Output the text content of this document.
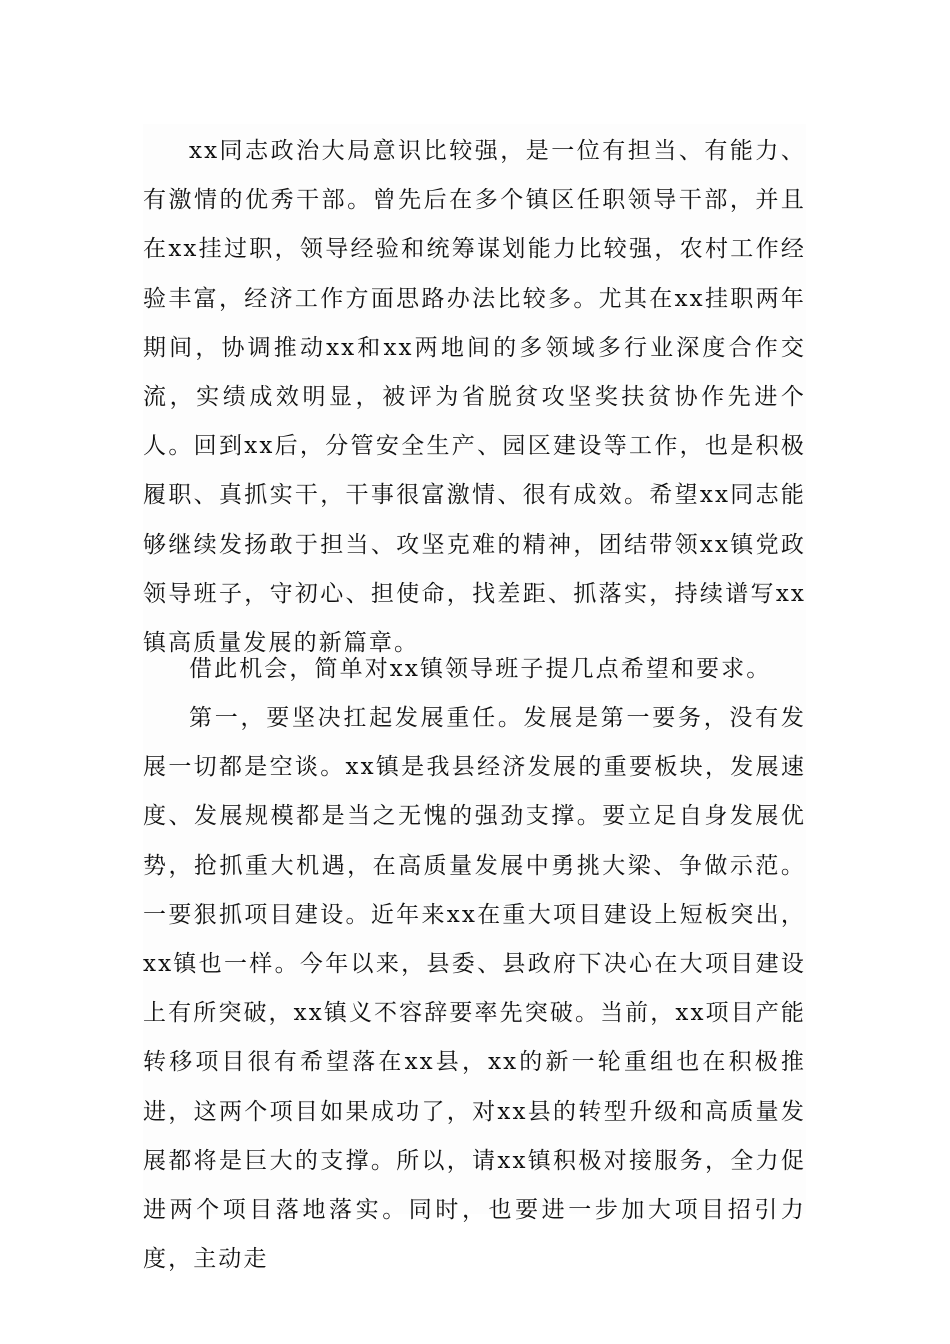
xx同志政治大局意识比较强，是一位有担当、有能力、有激情的优秀干部。曾先后在多个镇区任职领导干部，并且在xx挂过职，领导经验和统筹谋划能力比较强，农村工作经验丰富，经济工作方面思路办法比较多。尤其在xx挂职两年期间，协调推动xx和xx两地间的多领域多行业深度合作交流，实绩成效明显，被评为省脱贫攻坚奖扶贫协作先进个人。回到xx后，分管安全生产、园区建设等工作，也是积极履职、真抓实干，干事很富激情、很有成效。希望xx同志能够继续发扬敢于担当、攻坚克难的精神，团结带领xx镇党政领导班子，守初心、担使命，找差距、抓落实，持续谱写xx镇高质量发展的新篇章。

借此机会，简单对xx镇领导班子提几点希望和要求。

第一，要坚决扛起发展重任。发展是第一要务，没有发展一切都是空谈。xx镇是我县经济发展的重要板块，发展速度、发展规模都是当之无愧的强劲支撑。要立足自身发展优势，抢抓重大机遇，在高质量发展中勇挑大梁、争做示范。一要狠抓项目建设。近年来xx在重大项目建设上短板突出，xx镇也一样。今年以来，县委、县政府下决心在大项目建设上有所突破，xx镇义不容辞要率先突破。当前，xx项目产能转移项目很有希望落在xx县，xx的新一轮重组也在积极推进，这两个项目如果成功了，对xx县的转型升级和高质量发展都将是巨大的支撑。所以，请xx镇积极对接服务，全力促进两个项目落地落实。同时，也要进一步加大项目招引力度，主动走
